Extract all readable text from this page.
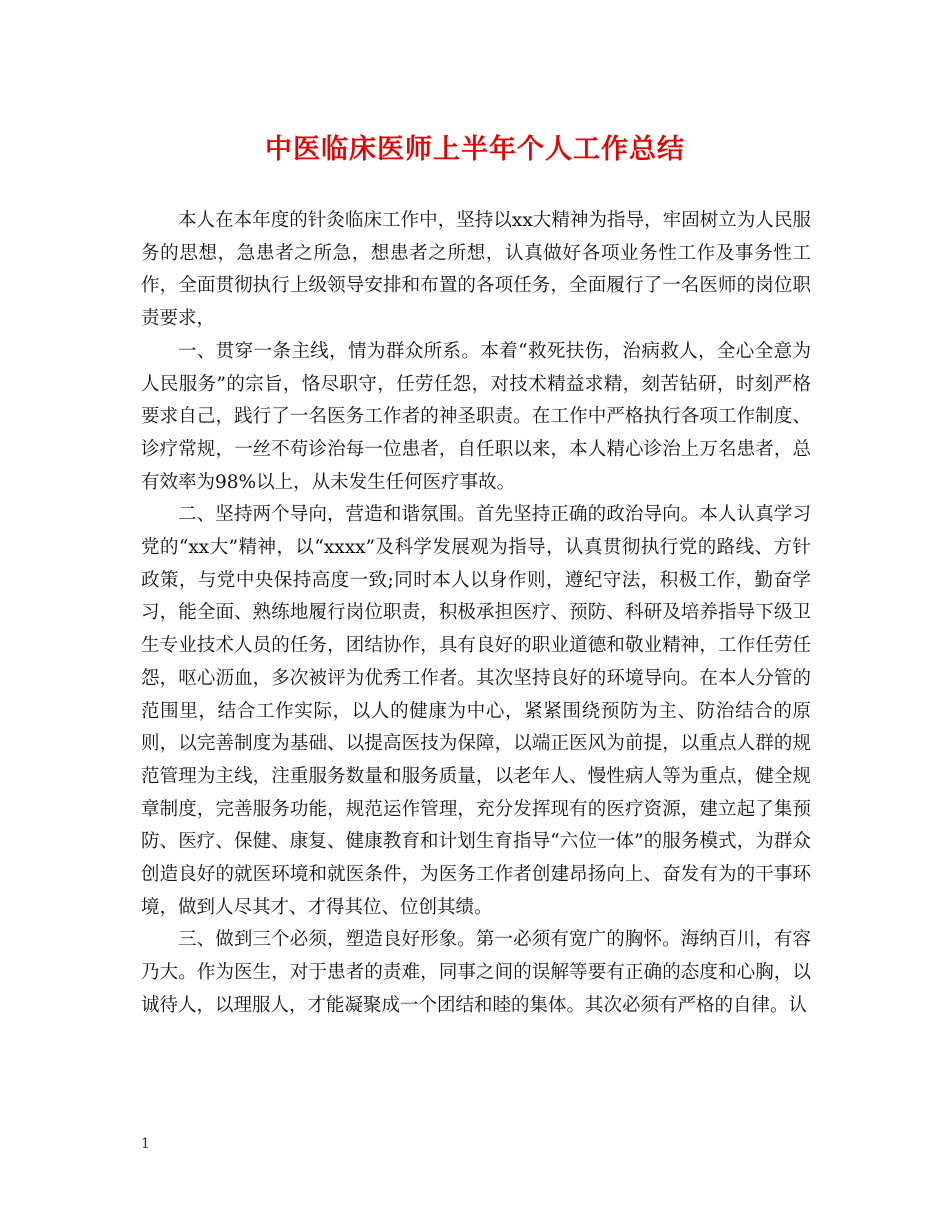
中医临床医师上半年个人工作总结

本人在本年度的针灸临床工作中，坚持以xx大精神为指导，牢固树立为人民服务的思想，急患者之所急，想患者之所想，认真做好各项业务性工作及事务性工作，全面贯彻执行上级领导安排和布置的各项任务，全面履行了一名医师的岗位职责要求，

一、贯穿一条主线，情为群众所系。本着“救死扶伤，治病救人，全心全意为人民服务”的宗旨，恪尽职守，任劳任怨，对技术精益求精，刻苦钻研，时刻严格要求自己，践行了一名医务工作者的神圣职责。在工作中严格执行各项工作制度、诊疗常规，一丝不苟诊治每一位患者，自任职以来，本人精心诊治上万名患者，总有效率为98%以上，从未发生任何医疗事故。

二、坚持两个导向，营造和谐氛围。首先坚持正确的政治导向。本人认真学习党的“xx大”精神，以“xxxx”及科学发展观为指导，认真贯彻执行党的路线、方针政策，与党中央保持高度一致;同时本人以身作则，遵纪守法，积极工作，勤奋学习，能全面、熟练地履行岗位职责，积极承担医疗、预防、科研及培养指导下级卫生专业技术人员的任务，团结协作，具有良好的职业道德和敬业精神，工作任劳任怨，呕心沥血，多次被评为优秀工作者。其次坚持良好的环境导向。在本人分管的范围里，结合工作实际，以人的健康为中心，紧紧围绕预防为主、防治结合的原则，以完善制度为基础、以提高医技为保障，以端正医风为前提，以重点人群的规范管理为主线，注重服务数量和服务质量，以老年人、慢性病人等为重点，健全规章制度，完善服务功能，规范运作管理，充分发挥现有的医疗资源，建立起了集预防、医疗、保健、康复、健康教育和计划生育指导“六位一体”的服务模式，为群众创造良好的就医环境和就医条件，为医务工作者创建昂扬向上、奋发有为的干事环境，做到人尽其才、才得其位、位创其绩。

三、做到三个必须，塑造良好形象。第一必须有宽广的胸怀。海纳百川，有容乃大。作为医生，对于患者的责难，同事之间的误解等要有正确的态度和心胸，以诚待人，以理服人，才能凝聚成一个团结和睦的集体。其次必须有严格的自律。认

1
